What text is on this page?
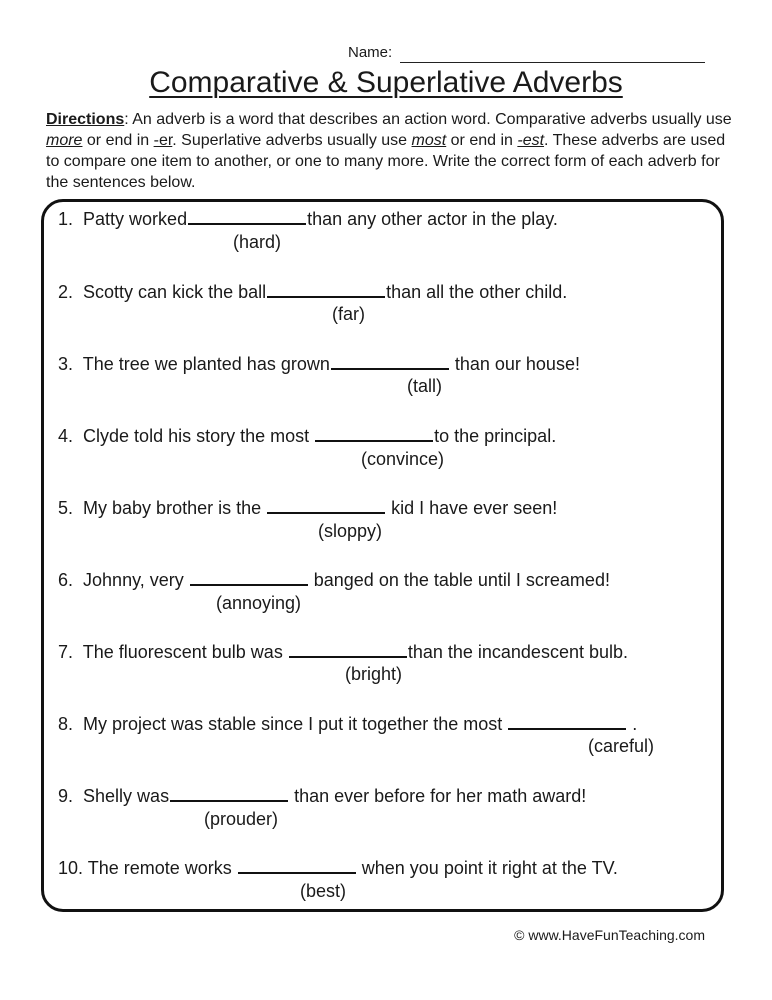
Name:
Comparative & Superlative Adverbs
Directions: An adverb is a word that describes an action word. Comparative adverbs usually use more or end in -er. Superlative adverbs usually use most or end in -est. These adverbs are used to compare one item to another, or one to many more. Write the correct form of each adverb for the sentences below.
1. Patty worked	than any other actor in the play.
(hard)
2. Scotty can kick the ball	than all the other child.
(far)
3. The tree we planted has grown	than our house!
(tall)
4. Clyde told his story the most	to the principal.
(convince)
5. My baby brother is the	kid I have ever seen!
(sloppy)
6. Johnny, very	banged on the table until I screamed!
(annoying)
7. The fluorescent bulb was	than the incandescent bulb.
(bright)
8. My project was stable since I put it together the most	.
(careful)
9. Shelly was	than ever before for her math award!
(prouder)
10. The remote works	when you point it right at the TV.
(best)
© www.HaveFunTeaching.com
